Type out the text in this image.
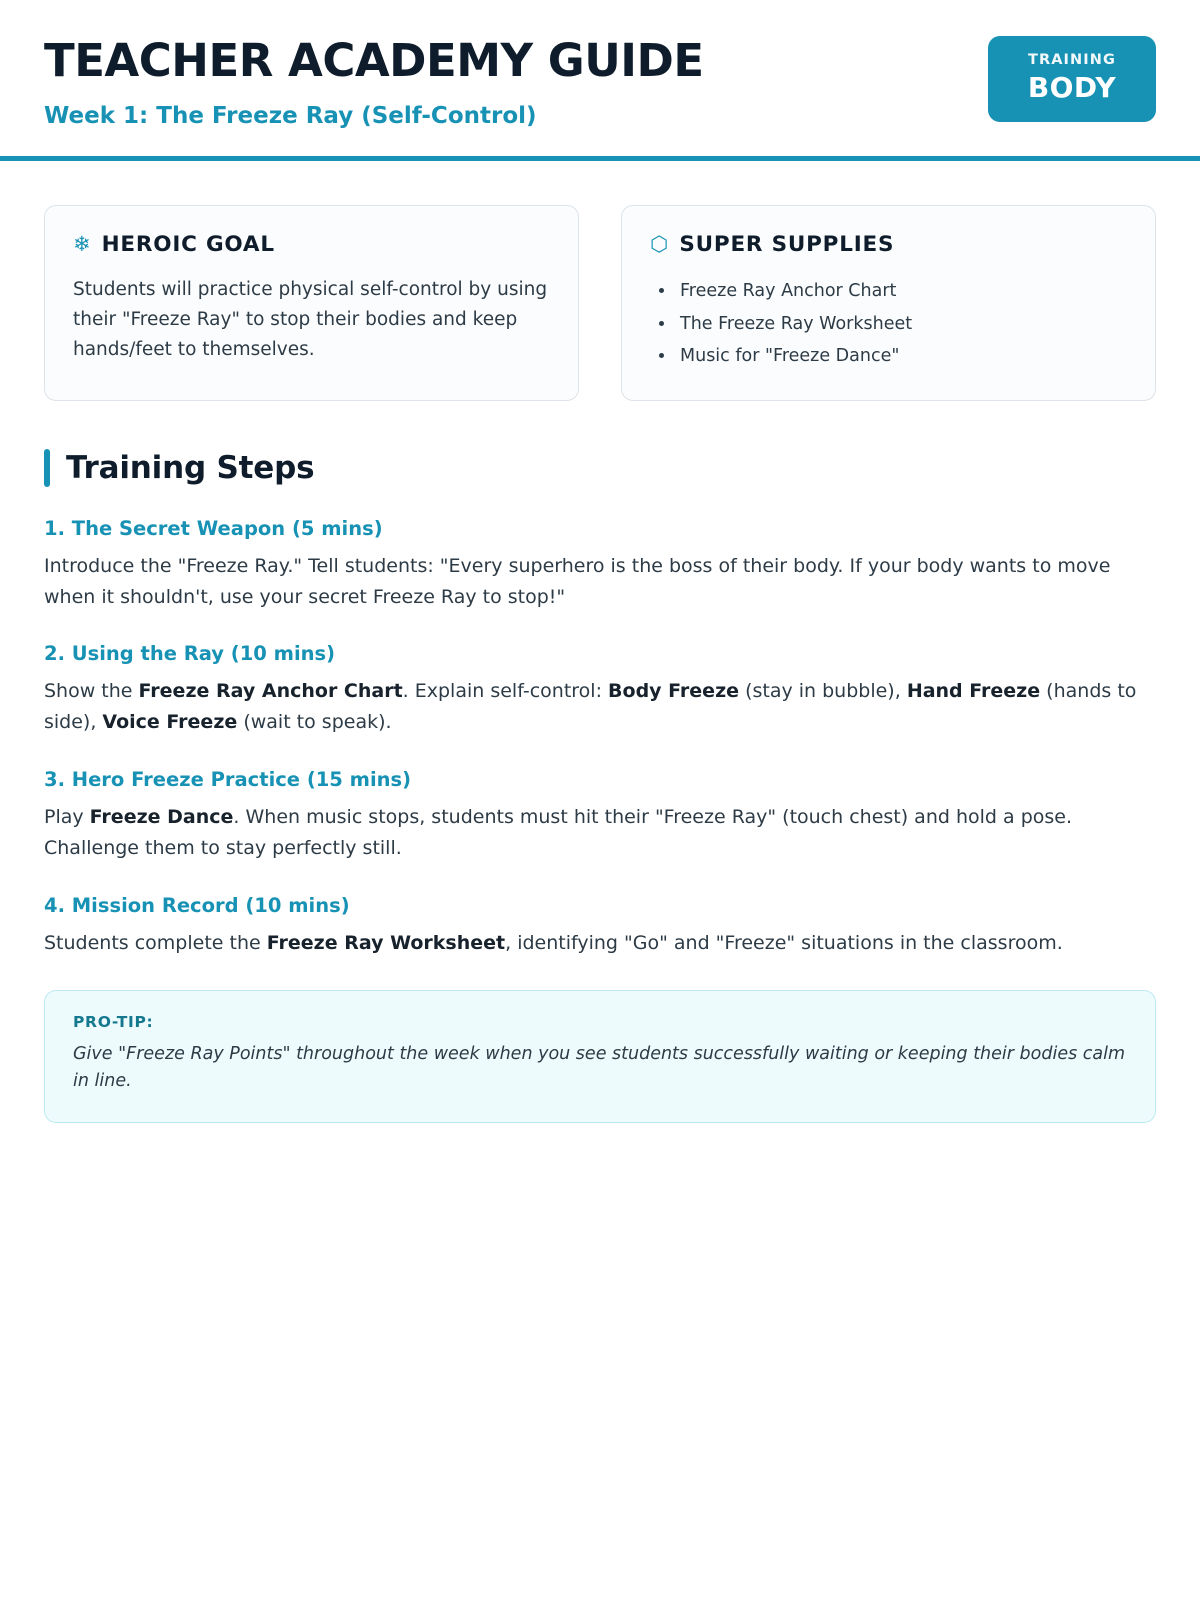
TEACHER ACADEMY GUIDE
Week 1: The Freeze Ray (Self-Control)
TRAINING
BODY
❄ HEROIC GOAL
Students will practice physical self-control by using their "Freeze Ray" to stop their bodies and keep hands/feet to themselves.
⬡ SUPER SUPPLIES
• Freeze Ray Anchor Chart
• The Freeze Ray Worksheet
• Music for "Freeze Dance"
Training Steps
1. The Secret Weapon (5 mins)
Introduce the "Freeze Ray." Tell students: "Every superhero is the boss of their body. If your body wants to move when it shouldn't, use your secret Freeze Ray to stop!"
2. Using the Ray (10 mins)
Show the Freeze Ray Anchor Chart. Explain self-control: Body Freeze (stay in bubble), Hand Freeze (hands to side), Voice Freeze (wait to speak).
3. Hero Freeze Practice (15 mins)
Play Freeze Dance. When music stops, students must hit their "Freeze Ray" (touch chest) and hold a pose. Challenge them to stay perfectly still.
4. Mission Record (10 mins)
Students complete the Freeze Ray Worksheet, identifying "Go" and "Freeze" situations in the classroom.
PRO-TIP:
Give "Freeze Ray Points" throughout the week when you see students successfully waiting or keeping their bodies calm in line.
